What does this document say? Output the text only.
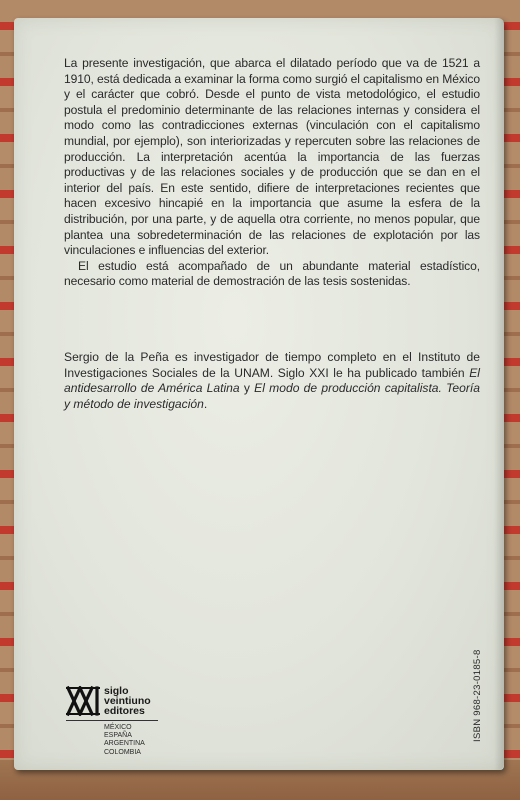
La presente investigación, que abarca el dilatado período que va de 1521 a 1910, está dedicada a examinar la forma como surgió el capitalismo en México y el carácter que cobró. Desde el punto de vista metodológico, el estudio postula el predominio determinante de las relaciones internas y considera el modo como las contradicciones externas (vinculación con el capitalismo mundial, por ejemplo), son interiorizadas y repercuten sobre las relaciones de producción. La interpretación acentúa la importancia de las fuerzas productivas y de las relaciones sociales y de producción que se dan en el interior del país. En este sentido, difiere de interpretaciones recientes que hacen excesivo hincapié en la importancia que asume la esfera de la distribución, por una parte, y de aquella otra corriente, no menos popular, que plantea una sobredeterminación de las relaciones de explotación por las vinculaciones e influencias del exterior.

El estudio está acompañado de un abundante material estadístico, necesario como material de demostración de las tesis sostenidas.

Sergio de la Peña es investigador de tiempo completo en el Instituto de Investigaciones Sociales de la UNAM. Siglo XXI le ha publicado también El antidesarrollo de América Latina y El modo de producción capitalista. Teoría y método de investigación.

siglo
veintiuno
editores
MÉXICO
ESPAÑA
ARGENTINA
COLOMBIA
ISBN 968-23-0185-8
